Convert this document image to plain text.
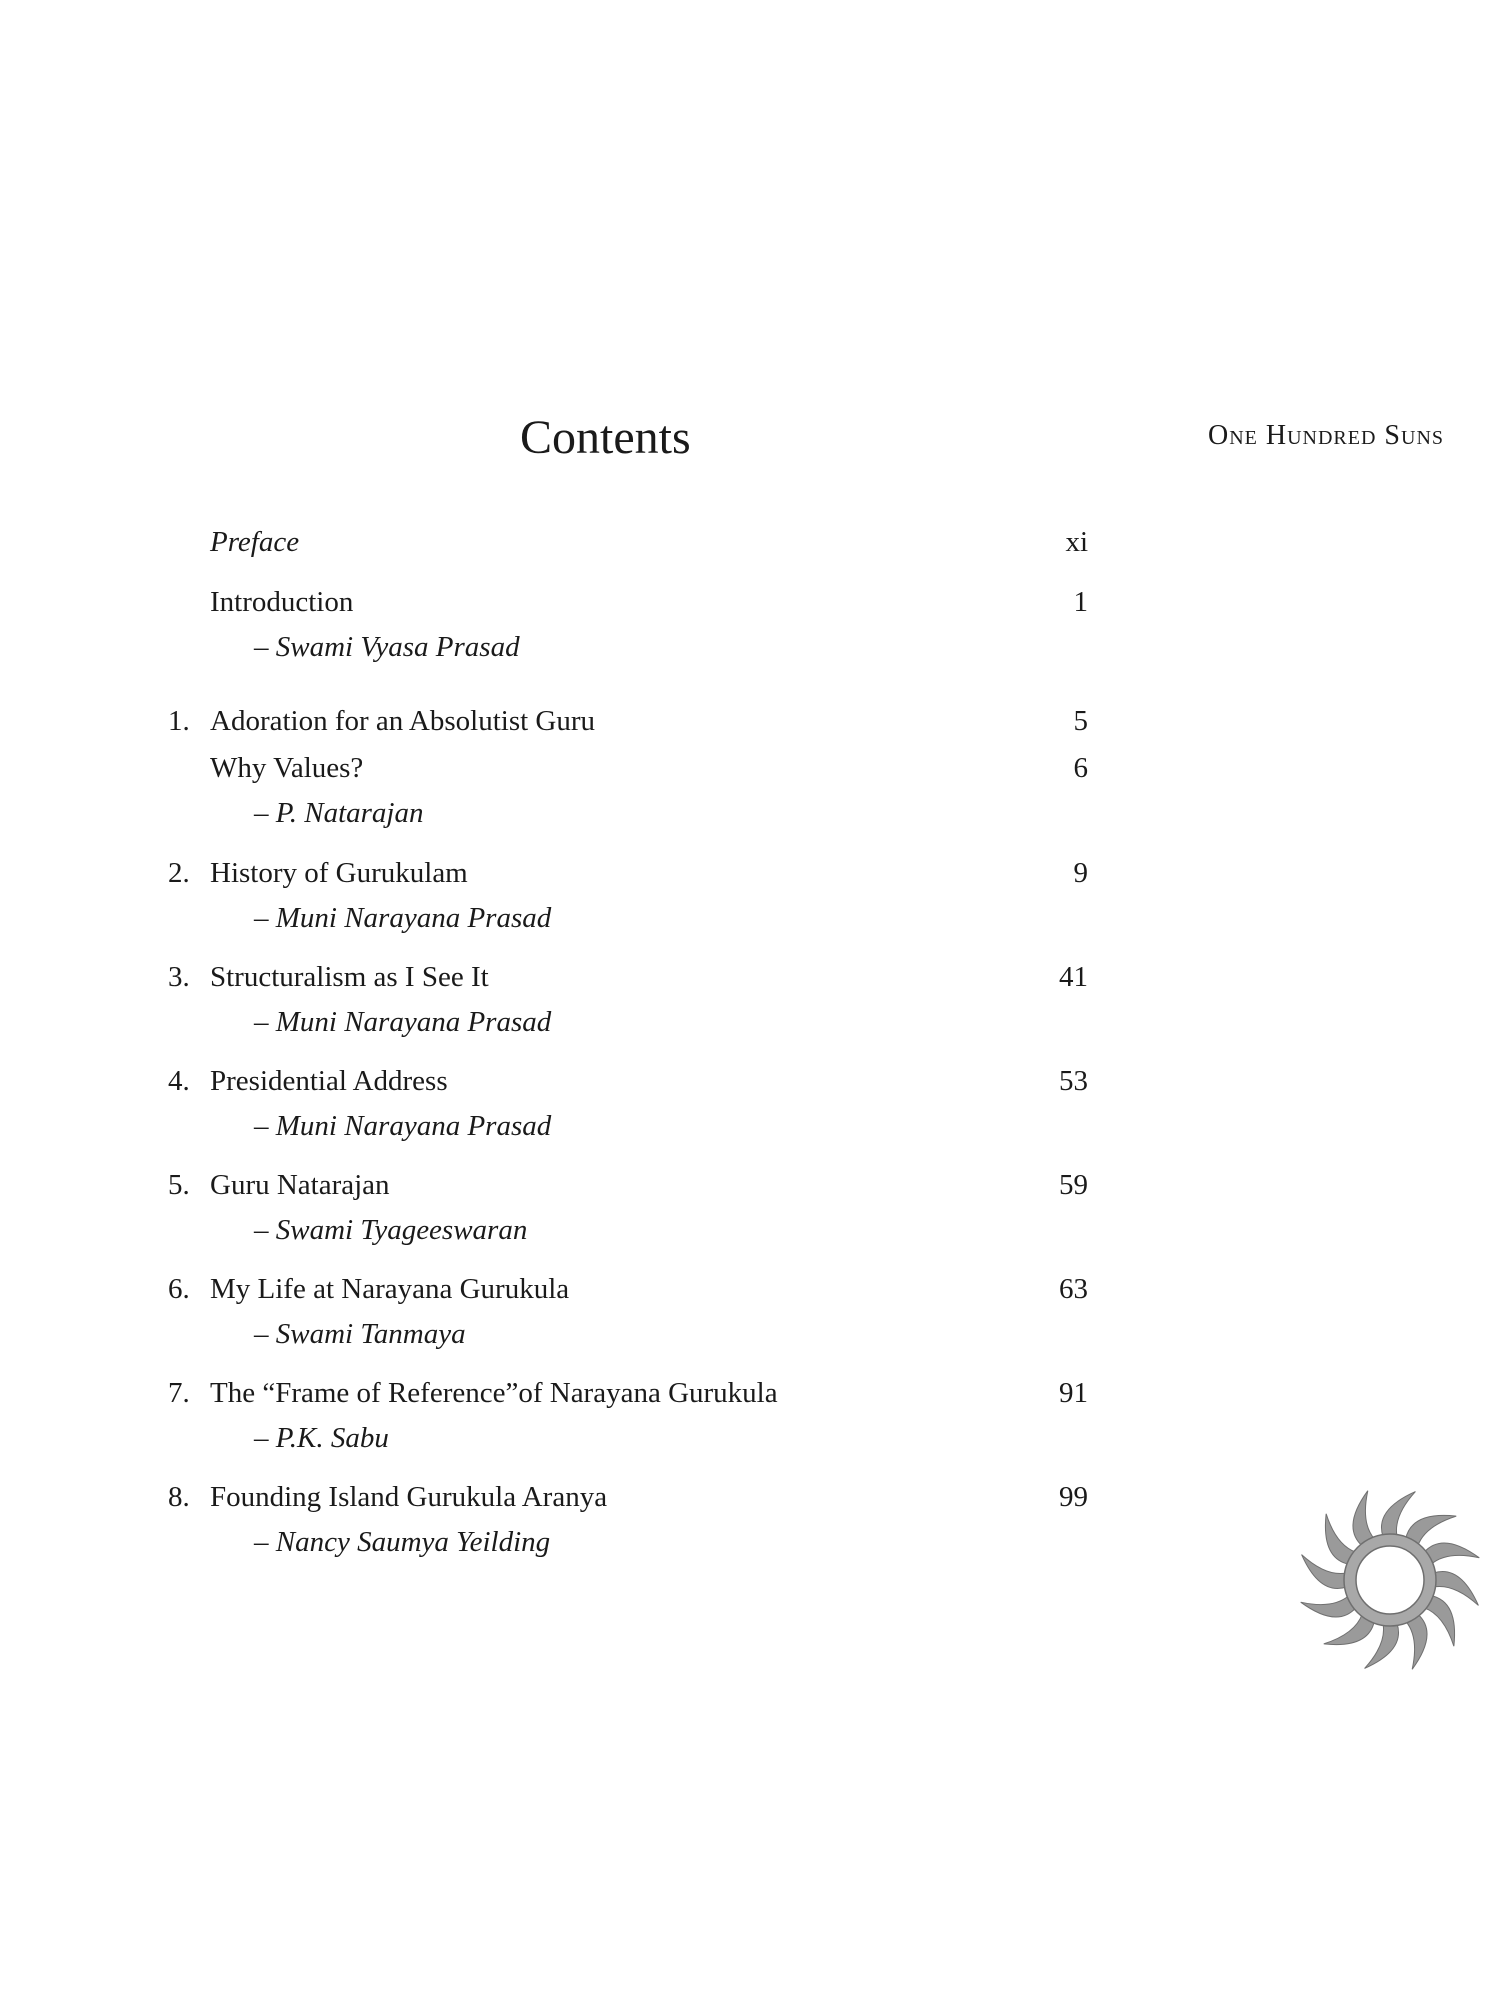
Contents	One Hundred Suns
Preface	xi
Introduction	1
– Swami Vyasa Prasad
1. Adoration for an Absolutist Guru	5
Why Values?	6
– P. Natarajan
2. History of Gurukulam	9
– Muni Narayana Prasad
3. Structuralism as I See It	41
– Muni Narayana Prasad
4. Presidential Address	53
– Muni Narayana Prasad
5. Guru Natarajan	59
– Swami Tyageeswaran
6. My Life at Narayana Gurukula	63
– Swami Tanmaya
7. The “Frame of Reference”of Narayana Gurukula	91
– P.K. Sabu
8. Founding Island Gurukula Aranya	99
– Nancy Saumya Yeilding
